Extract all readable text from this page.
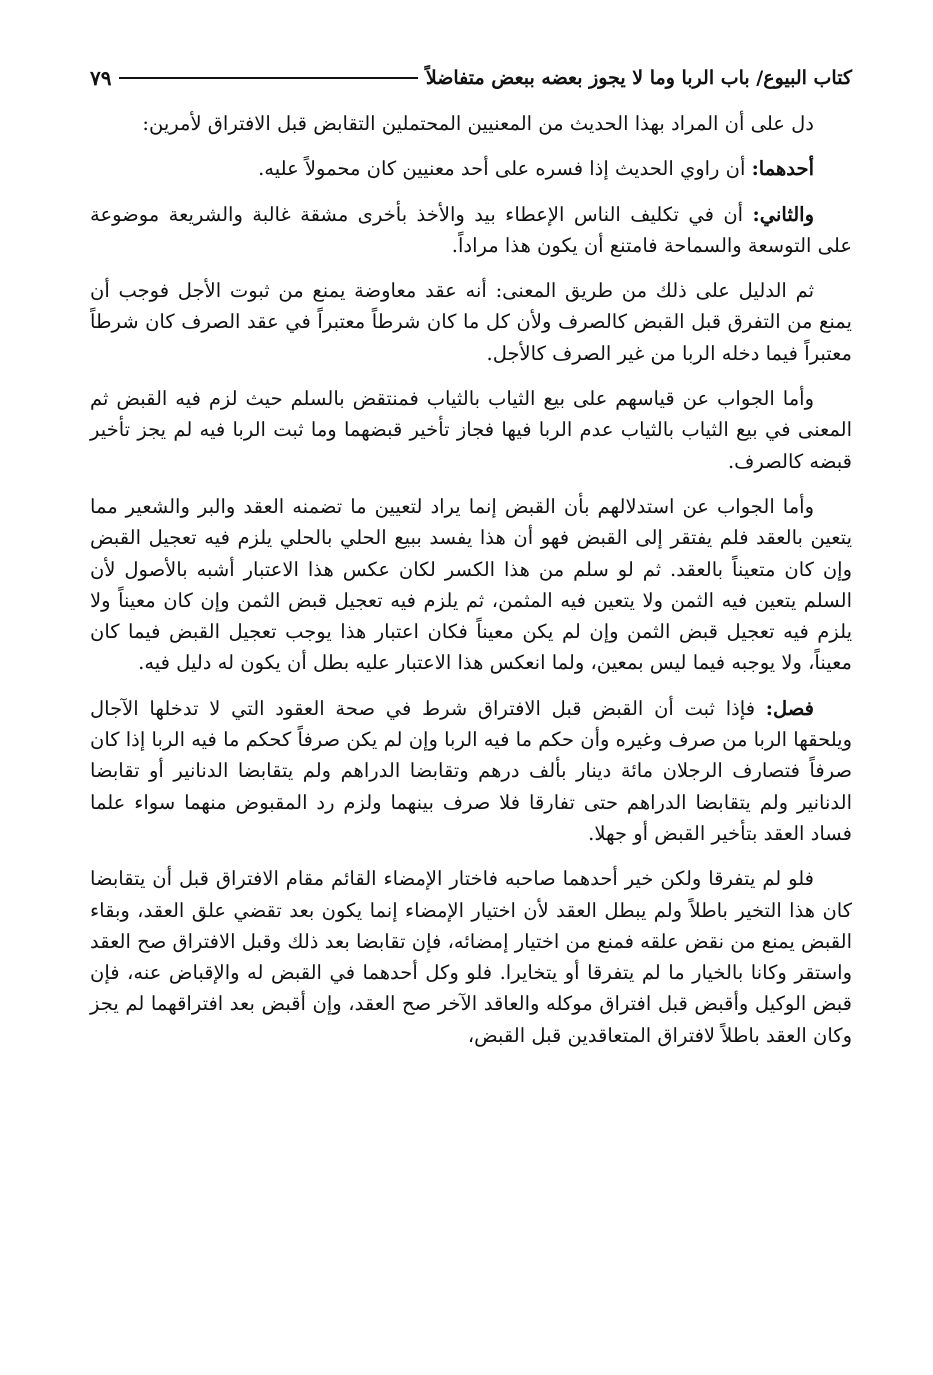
كتاب البيوع/ باب الربا وما لا يجوز بعضه ببعض متفاضلاً
٧٩

دل على أن المراد بهذا الحديث من المعنيين المحتملين التقابض قبل الافتراق لأمرين:

أحدهما: أن راوي الحديث إذا فسره على أحد معنيين كان محمولاً عليه.

والثاني: أن في تكليف الناس الإعطاء بيد والأخذ بأخرى مشقة غالبة والشريعة موضوعة على التوسعة والسماحة فامتنع أن يكون هذا مراداً.

ثم الدليل على ذلك من طريق المعنى: أنه عقد معاوضة يمنع من ثبوت الأجل فوجب أن يمنع من التفرق قبل القبض كالصرف ولأن كل ما كان شرطاً معتبراً في عقد الصرف كان شرطاً معتبراً فيما دخله الربا من غير الصرف كالأجل.

وأما الجواب عن قياسهم على بيع الثياب بالثياب فمنتقض بالسلم حيث لزم فيه القبض ثم المعنى في بيع الثياب بالثياب عدم الربا فيها فجاز تأخير قبضهما وما ثبت الربا فيه لم يجز تأخير قبضه كالصرف.

وأما الجواب عن استدلالهم بأن القبض إنما يراد لتعيين ما تضمنه العقد والبر والشعير مما يتعين بالعقد فلم يفتقر إلى القبض فهو أن هذا يفسد ببيع الحلي بالحلي يلزم فيه تعجيل القبض وإن كان متعيناً بالعقد. ثم لو سلم من هذا الكسر لكان عكس هذا الاعتبار أشبه بالأصول لأن السلم يتعين فيه الثمن ولا يتعين فيه المثمن، ثم يلزم فيه تعجيل قبض الثمن وإن كان معيناً ولا يلزم فيه تعجيل قبض الثمن وإن لم يكن معيناً فكان اعتبار هذا يوجب تعجيل القبض فيما كان معيناً، ولا يوجبه فيما ليس بمعين، ولما انعكس هذا الاعتبار عليه بطل أن يكون له دليل فيه.

فصل: فإذا ثبت أن القبض قبل الافتراق شرط في صحة العقود التي لا تدخلها الآجال ويلحقها الربا من صرف وغيره وأن حكم ما فيه الربا وإن لم يكن صرفاً كحكم ما فيه الربا إذا كان صرفاً فتصارف الرجلان مائة دينار بألف درهم وتقابضا الدراهم ولم يتقابضا الدنانير أو تقابضا الدنانير ولم يتقابضا الدراهم حتى تفارقا فلا صرف بينهما ولزم رد المقبوض منهما سواء علما فساد العقد بتأخير القبض أو جهلا.

فلو لم يتفرقا ولكن خير أحدهما صاحبه فاختار الإمضاء القائم مقام الافتراق قبل أن يتقابضا كان هذا التخير باطلاً ولم يبطل العقد لأن اختيار الإمضاء إنما يكون بعد تقضي علق العقد، وبقاء القبض يمنع من نقض علقه فمنع من اختيار إمضائه، فإن تقابضا بعد ذلك وقبل الافتراق صح العقد واستقر وكانا بالخيار ما لم يتفرقا أو يتخايرا. فلو وكل أحدهما في القبض له والإقباض عنه، فإن قبض الوكيل وأقبض قبل افتراق موكله والعاقد الآخر صح العقد، وإن أقبض بعد افتراقهما لم يجز وكان العقد باطلاً لافتراق المتعاقدين قبل القبض،
